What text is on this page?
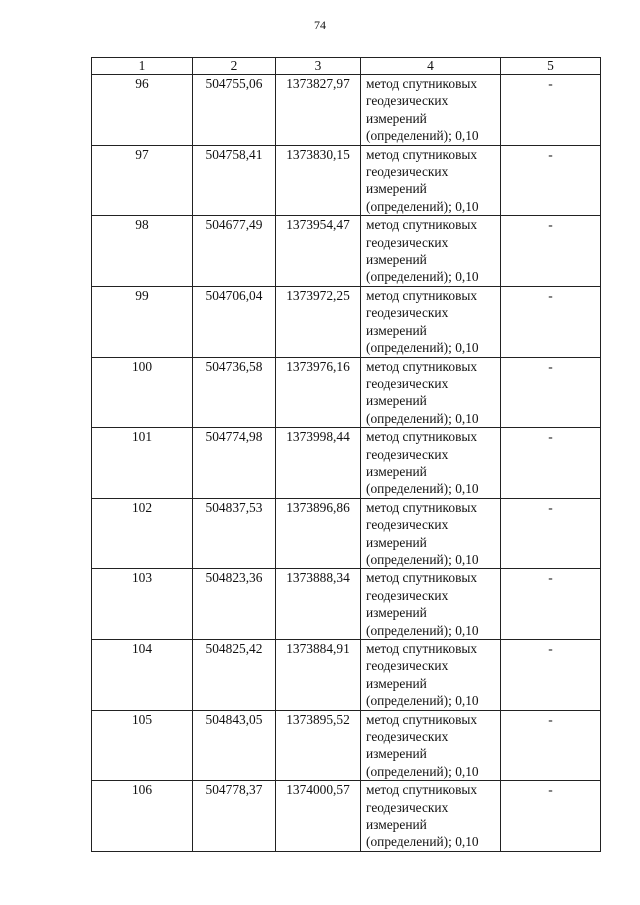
74
1	2	3	4	5
96	504755,06	1373827,97	метод спутниковых
геодезических
измерений
(определений); 0,10	-
97	504758,41	1373830,15	метод спутниковых
геодезических
измерений
(определений); 0,10	-
98	504677,49	1373954,47	метод спутниковых
геодезических
измерений
(определений); 0,10	-
99	504706,04	1373972,25	метод спутниковых
геодезических
измерений
(определений); 0,10	-
100	504736,58	1373976,16	метод спутниковых
геодезических
измерений
(определений); 0,10	-
101	504774,98	1373998,44	метод спутниковых
геодезических
измерений
(определений); 0,10	-
102	504837,53	1373896,86	метод спутниковых
геодезических
измерений
(определений); 0,10	-
103	504823,36	1373888,34	метод спутниковых
геодезических
измерений
(определений); 0,10	-
104	504825,42	1373884,91	метод спутниковых
геодезических
измерений
(определений); 0,10	-
105	504843,05	1373895,52	метод спутниковых
геодезических
измерений
(определений); 0,10	-
106	504778,37	1374000,57	метод спутниковых
геодезических
измерений
(определений); 0,10	-
